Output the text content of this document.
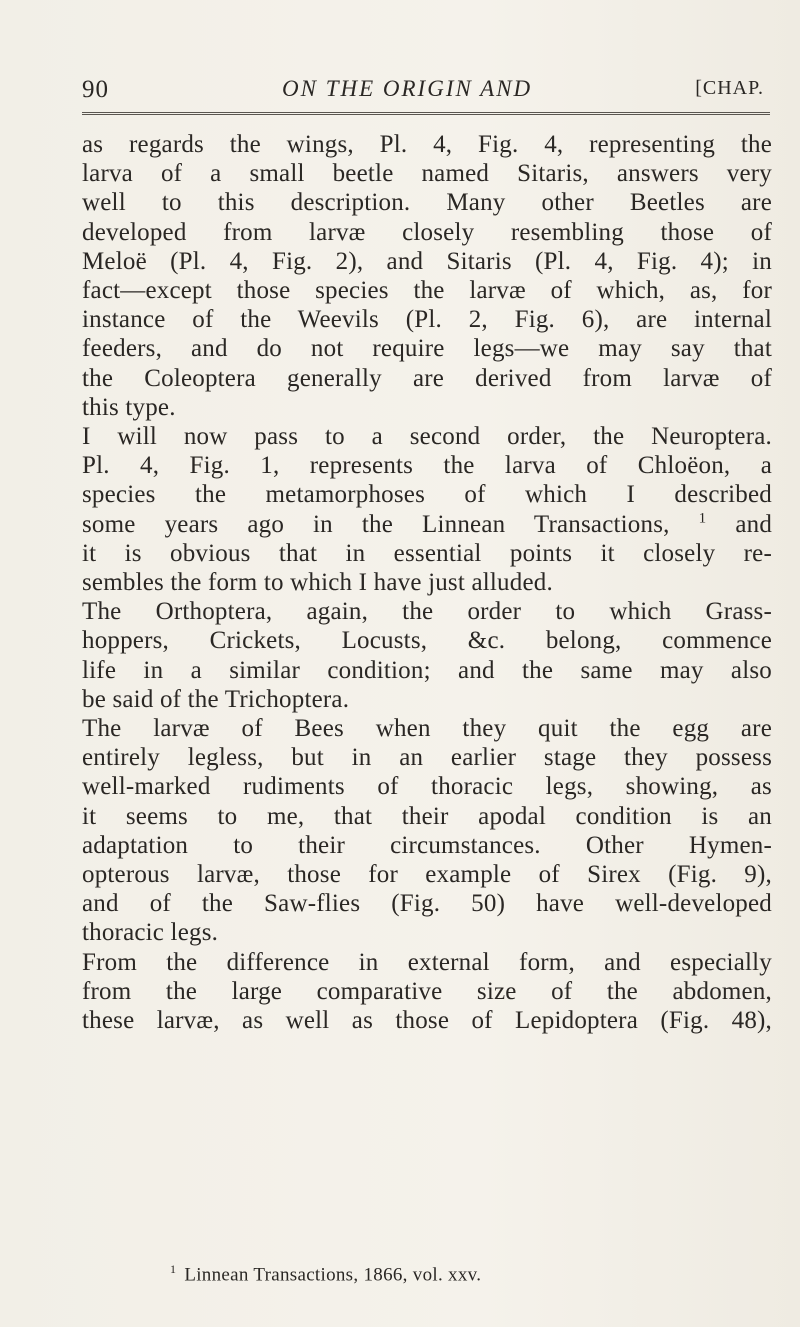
90	ON THE ORIGIN AND	[CHAP.

as regards the wings, Pl. 4, Fig. 4, representing the

larva of a small beetle named Sitaris, answers very

well to this description. Many other Beetles are

developed from larvæ closely resembling those of

Meloë (Pl. 4, Fig. 2), and Sitaris (Pl. 4, Fig. 4); in

fact—except those species the larvæ of which, as, for

instance of the Weevils (Pl. 2, Fig. 6), are internal

feeders, and do not require legs—we may say that

the Coleoptera generally are derived from larvæ of

this type.

I will now pass to a second order, the Neuroptera.

Pl. 4, Fig. 1, represents the larva of Chloëon, a

species the metamorphoses of which I described

some years ago in the Linnean Transactions, $^1$ and

it is obvious that in essential points it closely re-

sembles the form to which I have just alluded.

The Orthoptera, again, the order to which Grass-

hoppers, Crickets, Locusts, &c. belong, commence

life in a similar condition; and the same may also

be said of the Trichoptera.

The larvæ of Bees when they quit the egg are

entirely legless, but in an earlier stage they possess

well-marked rudiments of thoracic legs, showing, as

it seems to me, that their apodal condition is an

adaptation to their circumstances. Other Hymen-

opterous larvæ, those for example of Sirex (Fig. 9),

and of the Saw-flies (Fig. 50) have well-developed

thoracic legs.

From the difference in external form, and especially

from the large comparative size of the abdomen,

these larvæ, as well as those of Lepidoptera (Fig. 48),

$^1$ Linnean Transactions, 1866, vol. xxv.
